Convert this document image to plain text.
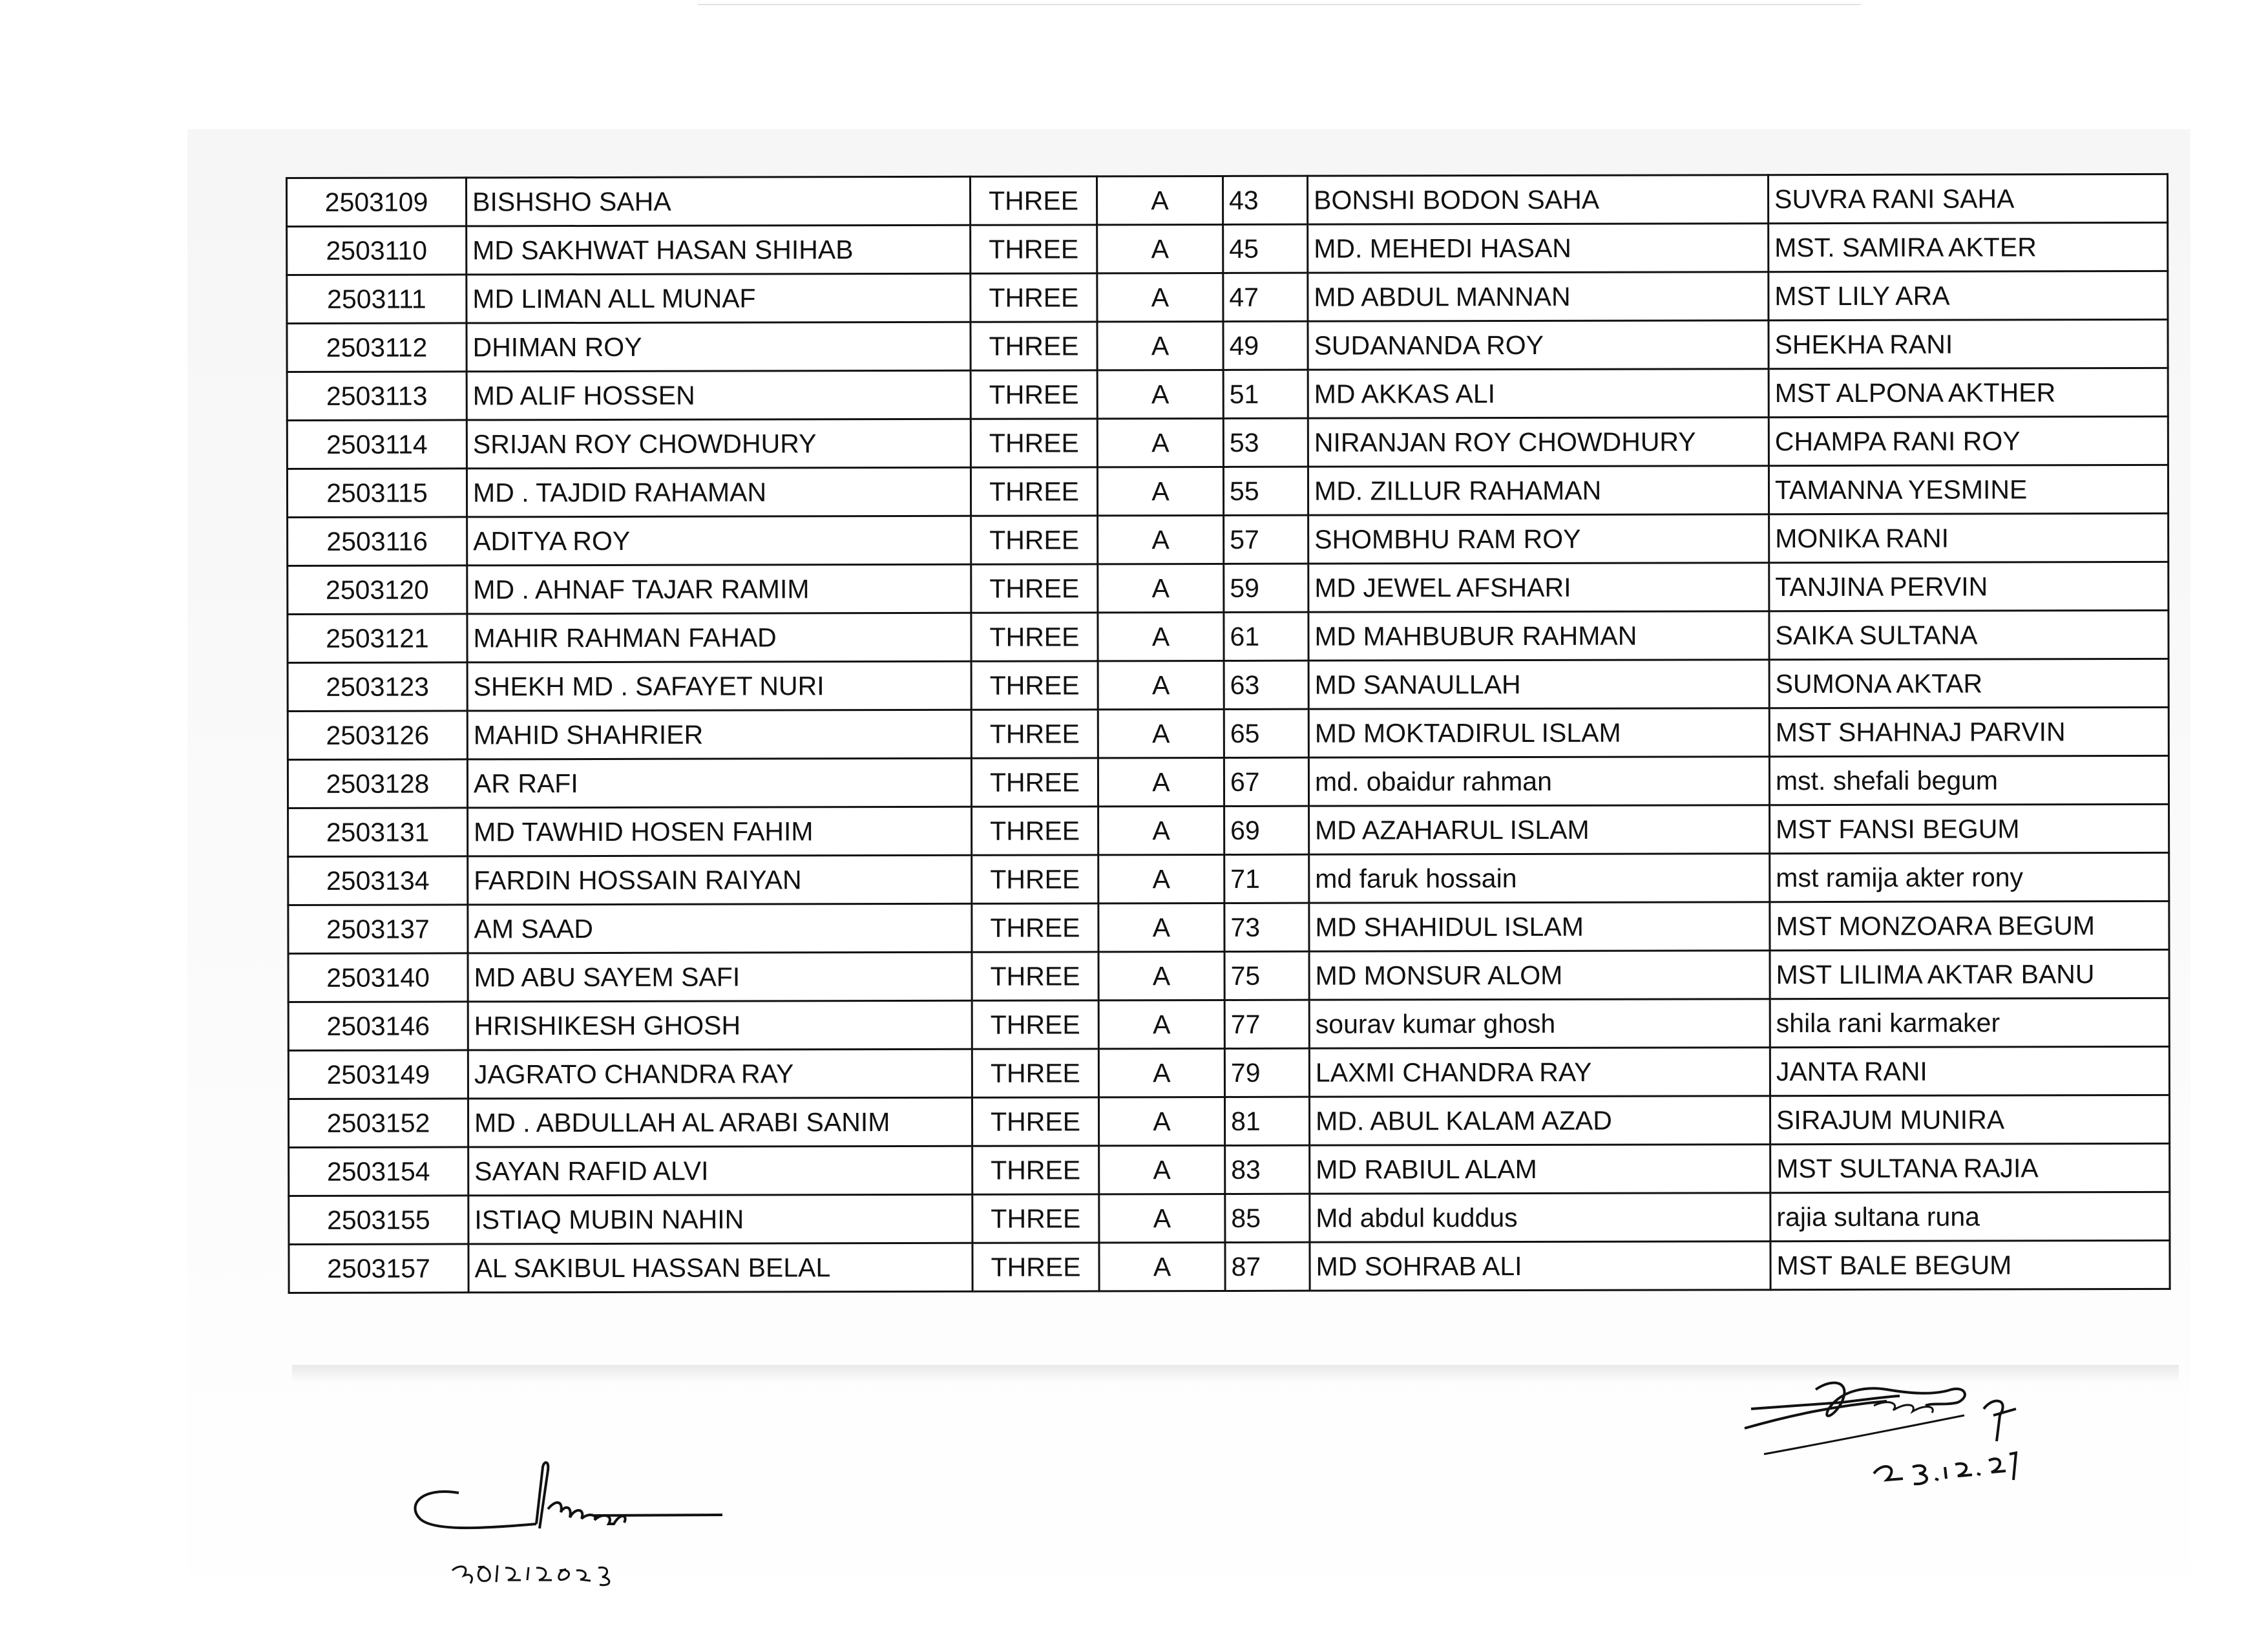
2503109	BISHSHO SAHA	THREE	A	43	BONSHI BODON SAHA	SUVRA RANI SAHA
2503110	MD SAKHWAT HASAN SHIHAB	THREE	A	45	MD. MEHEDI HASAN	MST. SAMIRA AKTER
2503111	MD LIMAN ALL MUNAF	THREE	A	47	MD ABDUL MANNAN	MST LILY ARA
2503112	DHIMAN ROY	THREE	A	49	SUDANANDA ROY	SHEKHA RANI
2503113	MD ALIF HOSSEN	THREE	A	51	MD AKKAS ALI	MST ALPONA AKTHER
2503114	SRIJAN ROY CHOWDHURY	THREE	A	53	NIRANJAN ROY CHOWDHURY	CHAMPA RANI ROY
2503115	MD . TAJDID RAHAMAN	THREE	A	55	MD. ZILLUR RAHAMAN	TAMANNA YESMINE
2503116	ADITYA ROY	THREE	A	57	SHOMBHU RAM ROY	MONIKA RANI
2503120	MD . AHNAF TAJAR RAMIM	THREE	A	59	MD JEWEL AFSHARI	TANJINA PERVIN
2503121	MAHIR RAHMAN FAHAD	THREE	A	61	MD MAHBUBUR RAHMAN	SAIKA SULTANA
2503123	SHEKH MD . SAFAYET NURI	THREE	A	63	MD SANAULLAH	SUMONA AKTAR
2503126	MAHID SHAHRIER	THREE	A	65	MD MOKTADIRUL ISLAM	MST SHAHNAJ PARVIN
2503128	AR RAFI	THREE	A	67	md. obaidur rahman	mst. shefali begum
2503131	MD TAWHID HOSEN FAHIM	THREE	A	69	MD AZAHARUL ISLAM	MST FANSI BEGUM
2503134	FARDIN HOSSAIN RAIYAN	THREE	A	71	md faruk hossain	mst ramija akter rony
2503137	AM SAAD	THREE	A	73	MD SHAHIDUL ISLAM	MST MONZOARA BEGUM
2503140	MD ABU SAYEM SAFI	THREE	A	75	MD MONSUR ALOM	MST LILIMA AKTAR BANU
2503146	HRISHIKESH GHOSH	THREE	A	77	sourav kumar ghosh	shila rani karmaker
2503149	JAGRATO CHANDRA RAY	THREE	A	79	LAXMI CHANDRA RAY	JANTA RANI
2503152	MD . ABDULLAH AL ARABI SANIM	THREE	A	81	MD. ABUL KALAM AZAD	SIRAJUM MUNIRA
2503154	SAYAN RAFID ALVI	THREE	A	83	MD RABIUL ALAM	MST SULTANA RAJIA
2503155	ISTIAQ MUBIN NAHIN	THREE	A	85	Md abdul kuddus	rajia sultana runa
2503157	AL SAKIBUL HASSAN BELAL	THREE	A	87	MD SOHRAB ALI	MST BALE BEGUM
